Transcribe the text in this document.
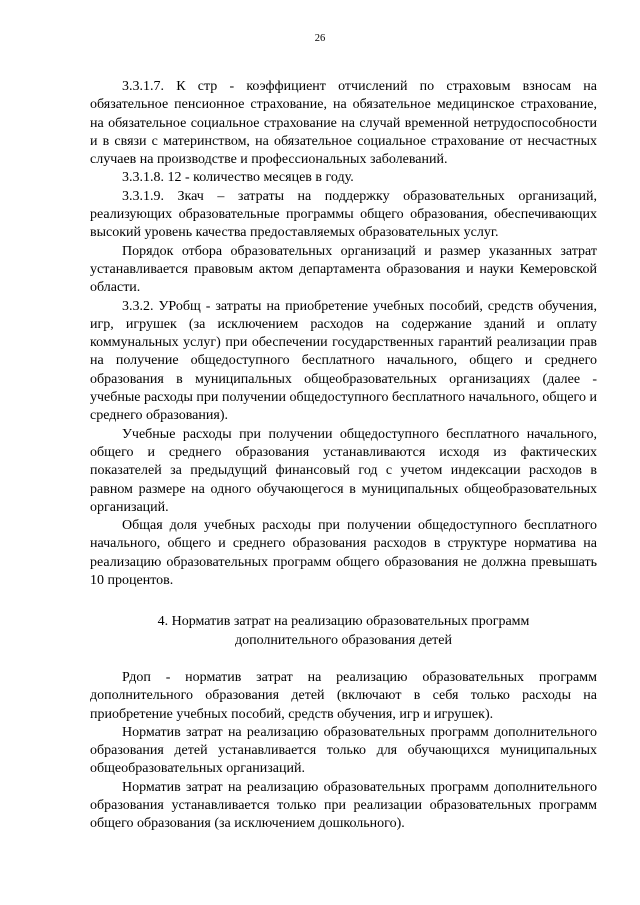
26

3.3.1.7. К стр - коэффициент отчислений по страховым взносам на обязательное пенсионное страхование, на обязательное медицинское страхование, на обязательное социальное страхование на случай временной нетрудоспособности и в связи с материнством, на обязательное социальное страхование от несчастных случаев на производстве и профессиональных заболеваний.

3.3.1.8. 12 - количество месяцев в году.

3.3.1.9. Зкач – затраты на поддержку образовательных организаций, реализующих образовательные программы общего образования, обеспечивающих высокий уровень качества предоставляемых образовательных услуг.

Порядок отбора образовательных организаций и размер указанных затрат устанавливается правовым актом департамента образования и науки Кемеровской области.

3.3.2. УРобщ - затраты на приобретение учебных пособий, средств обучения, игр, игрушек (за исключением расходов на содержание зданий и оплату коммунальных услуг) при обеспечении государственных гарантий реализации прав на получение общедоступного бесплатного начального, общего и среднего образования в муниципальных общеобразовательных организациях (далее - учебные расходы при получении общедоступного бесплатного начального, общего и среднего образования).

Учебные расходы при получении общедоступного бесплатного начального, общего и среднего образования устанавливаются исходя из фактических показателей за предыдущий финансовый год с учетом индексации расходов в равном размере на одного обучающегося в муниципальных общеобразовательных организаций.

Общая доля учебных расходы при получении общедоступного бесплатного начального, общего и среднего образования расходов в структуре норматива на реализацию образовательных программ общего образования не должна превышать 10 процентов.

4. Норматив затрат на реализацию образовательных программ
дополнительного образования детей

Рдоп - норматив затрат на реализацию образовательных программ дополнительного образования детей (включают в себя только расходы на приобретение учебных пособий, средств обучения, игр и игрушек).

Норматив затрат на реализацию образовательных программ дополнительного образования детей устанавливается только для обучающихся муниципальных общеобразовательных организаций.

Норматив затрат на реализацию образовательных программ дополнительного образования устанавливается только при реализации образовательных программ общего образования (за исключением дошкольного).
